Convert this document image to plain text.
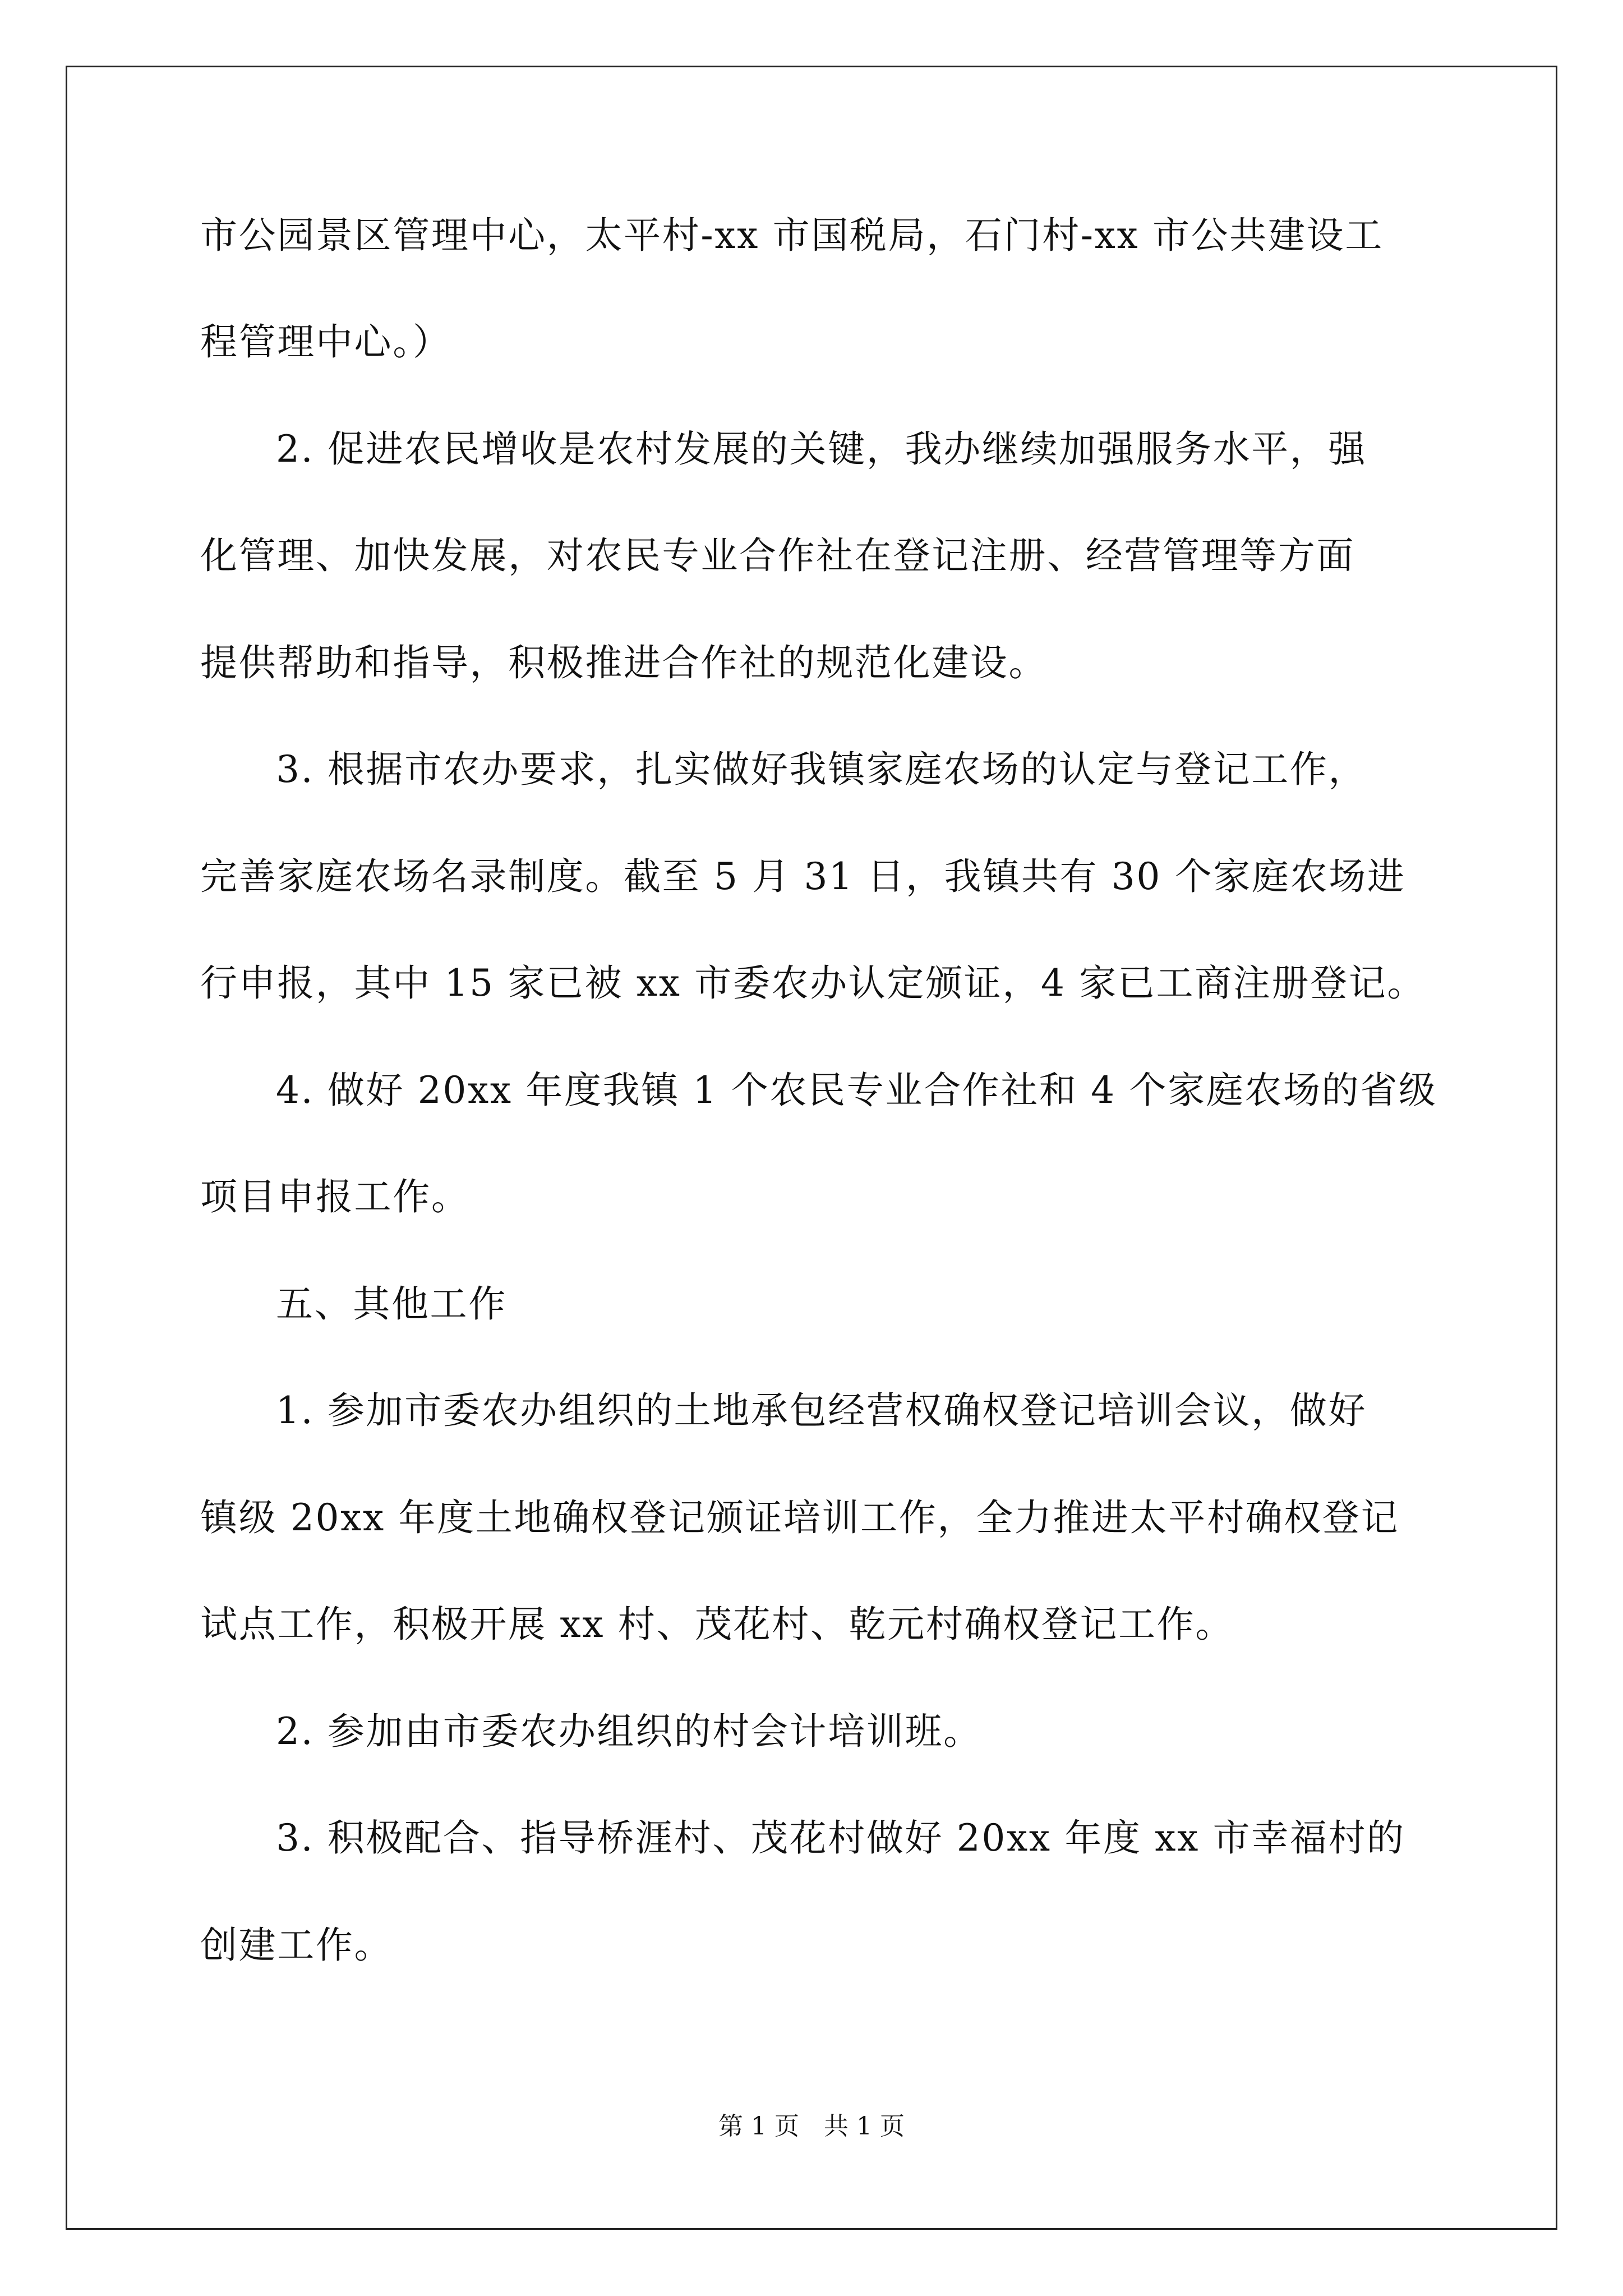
市公园景区管理中心，太平村-xx 市国税局，石门村-xx 市公共建设工
程管理中心。）
2. 促进农民增收是农村发展的关键，我办继续加强服务水平，强
化管理、加快发展，对农民专业合作社在登记注册、经营管理等方面
提供帮助和指导，积极推进合作社的规范化建设。
3. 根据市农办要求，扎实做好我镇家庭农场的认定与登记工作，
完善家庭农场名录制度。截至 5 月 31 日，我镇共有 30 个家庭农场进
行申报，其中 15 家已被 xx 市委农办认定颁证，4 家已工商注册登记。
4. 做好 20xx 年度我镇 1 个农民专业合作社和 4 个家庭农场的省级
项目申报工作。
五、其他工作
1. 参加市委农办组织的土地承包经营权确权登记培训会议，做好
镇级 20xx 年度土地确权登记颁证培训工作，全力推进太平村确权登记
试点工作，积极开展 xx 村、茂花村、乾元村确权登记工作。
2. 参加由市委农办组织的村会计培训班。
3. 积极配合、指导桥涯村、茂花村做好 20xx 年度 xx 市幸福村的
创建工作。
第 1 页 共 1 页
